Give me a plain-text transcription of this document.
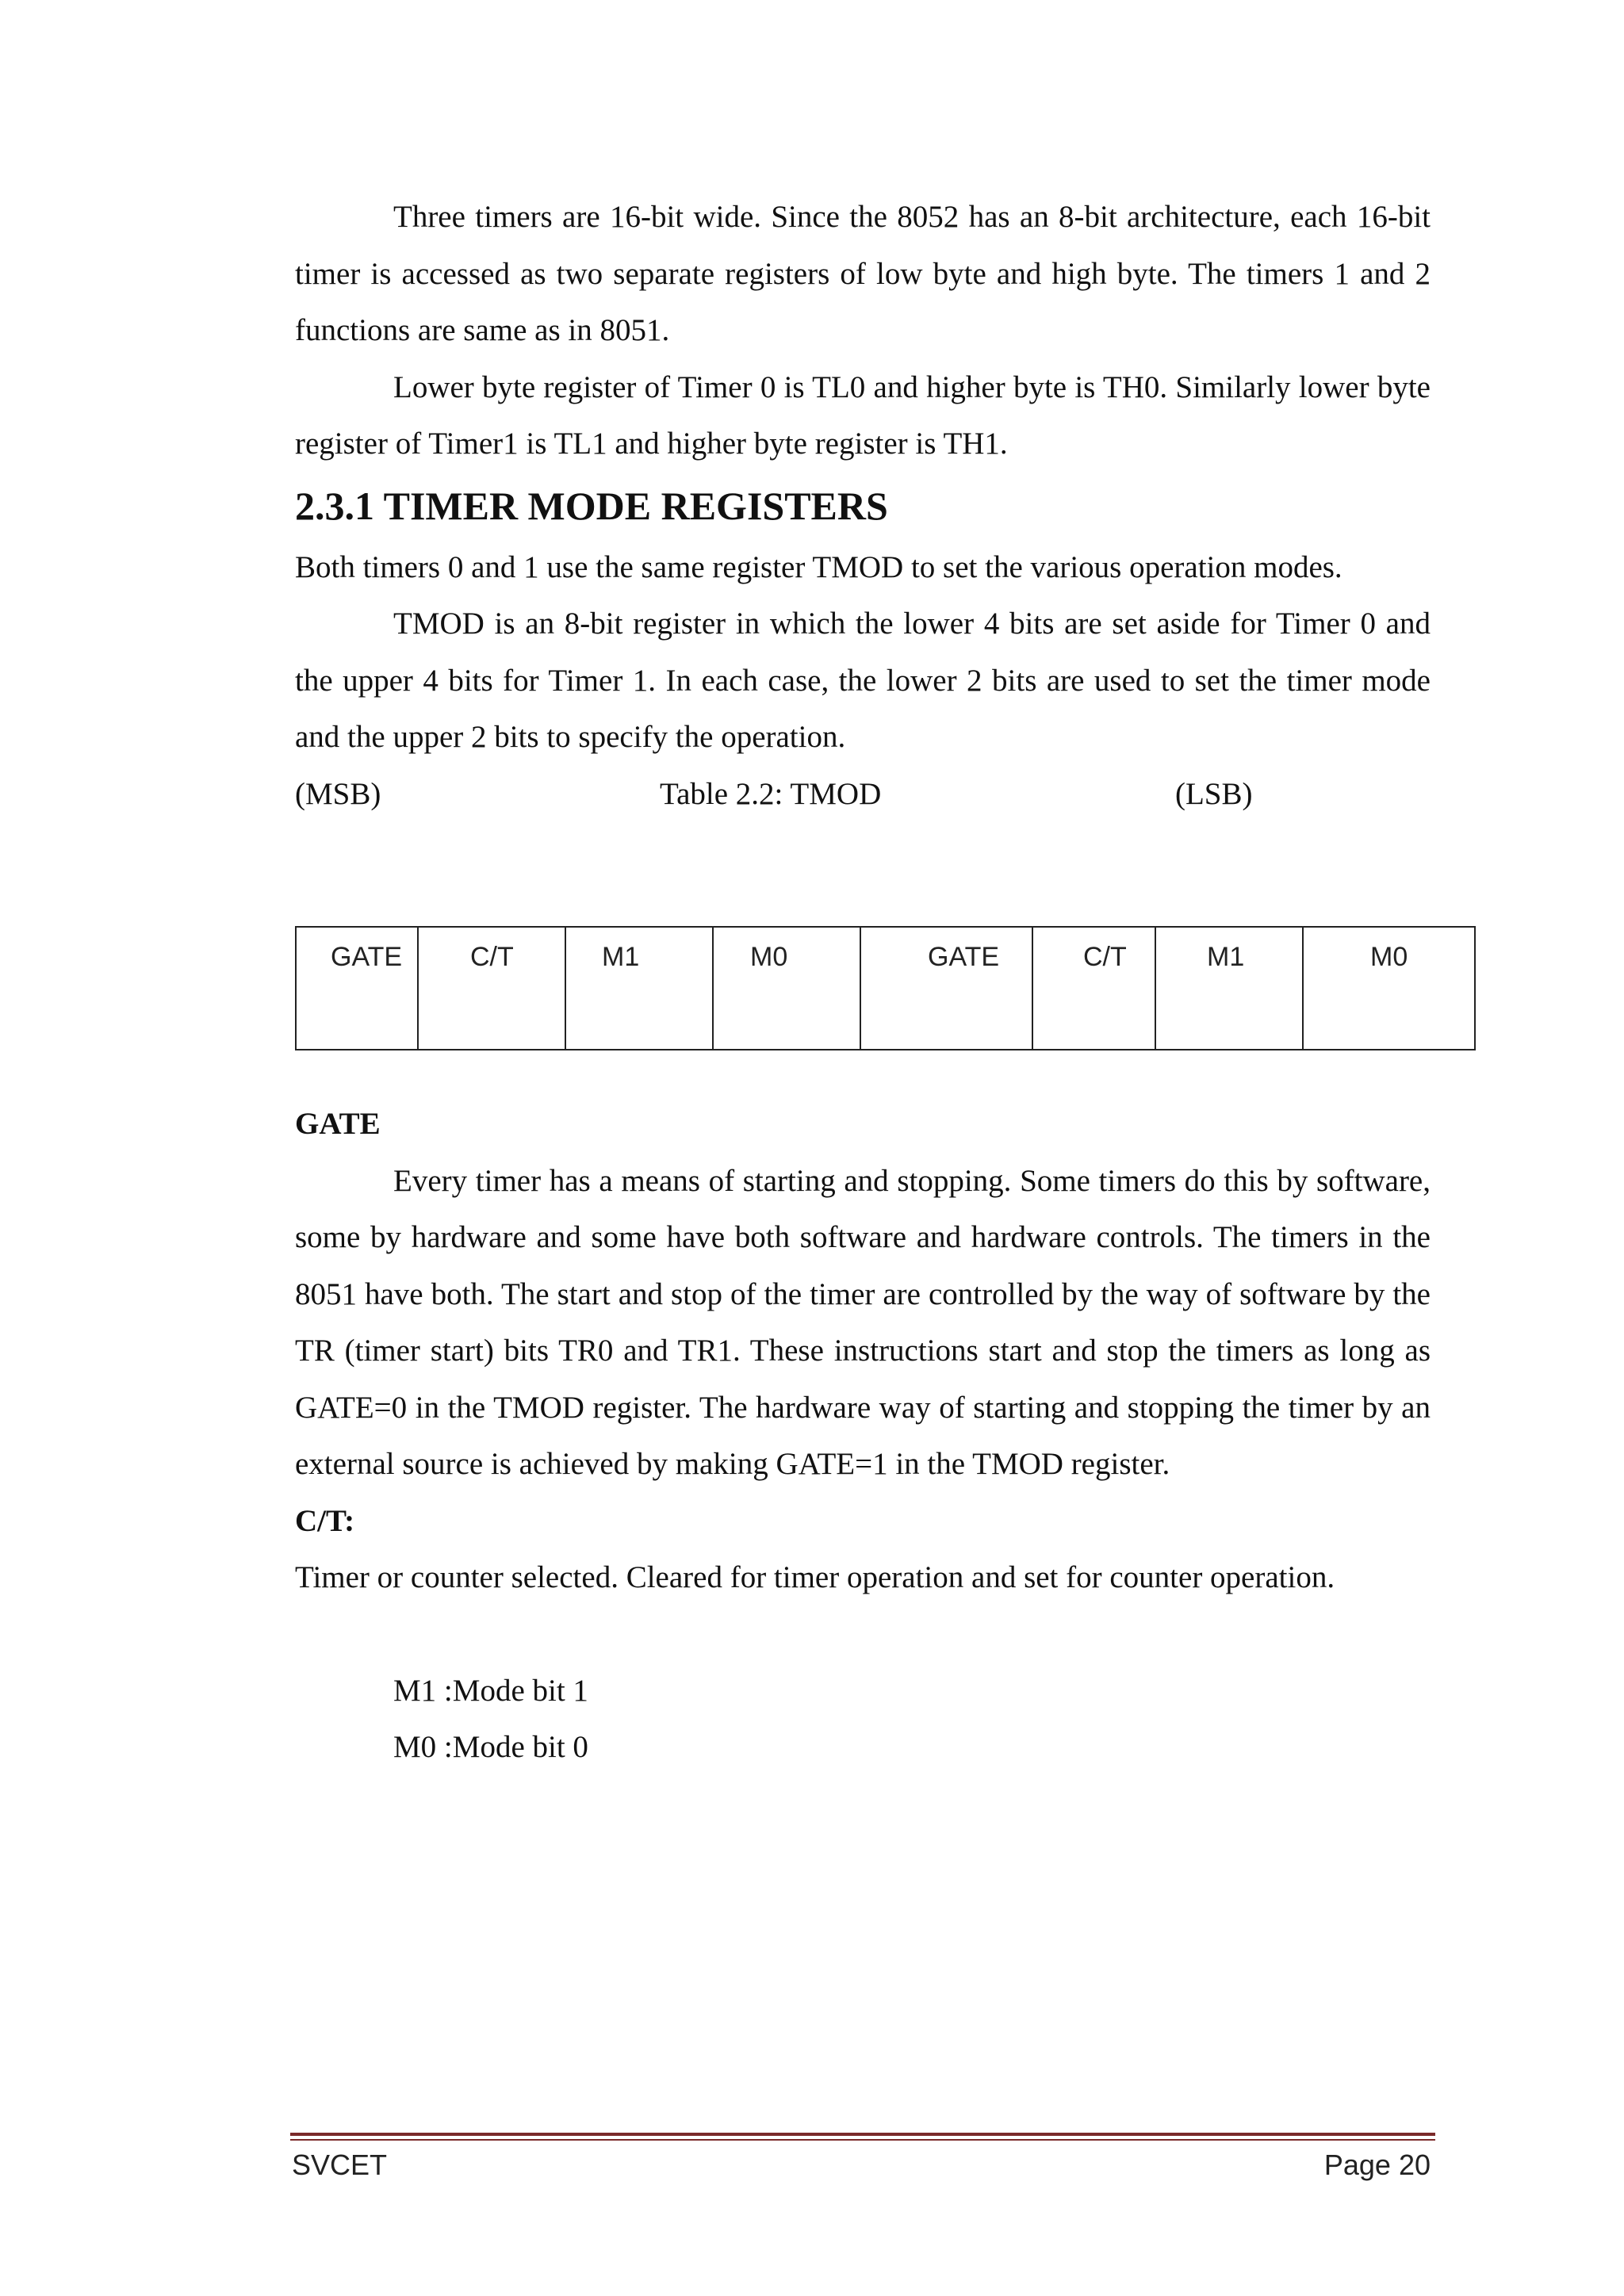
Three timers are 16-bit wide. Since the 8052 has an 8-bit architecture, each 16-bit timer is accessed as two separate registers of low byte and high byte. The timers 1 and 2 functions are same as in 8051.

Lower byte register of Timer 0 is TL0 and higher byte is TH0. Similarly lower byte register of Timer1 is TL1 and higher byte register is TH1.

2.3.1 TIMER MODE REGISTERS

Both timers 0 and 1 use the same register TMOD to set the various operation modes.

TMOD is an 8-bit register in which the lower 4 bits are set aside for Timer 0 and the upper 4 bits for Timer 1. In each case, the lower 2 bits are used to set the timer mode and the upper 2 bits to specify the operation.

(MSB)	Table 2.2: TMOD	(LSB)
GATE	C/T	M1	M0	GATE	C/T	M1	M0

GATE

Every timer has a means of starting and stopping. Some timers do this by software, some by hardware and some have both software and hardware controls. The timers in the 8051 have both. The start and stop of the timer are controlled by the way of software by the TR (timer start) bits TR0 and TR1. These instructions start and stop the timers as long as GATE=0 in the TMOD register. The hardware way of starting and stopping the timer by an external source is achieved by making GATE=1 in the TMOD register.

C/T:

Timer or counter selected. Cleared for timer operation and set for counter operation.

M1 :Mode bit 1

M0 :Mode bit 0

SVCET	Page 20
